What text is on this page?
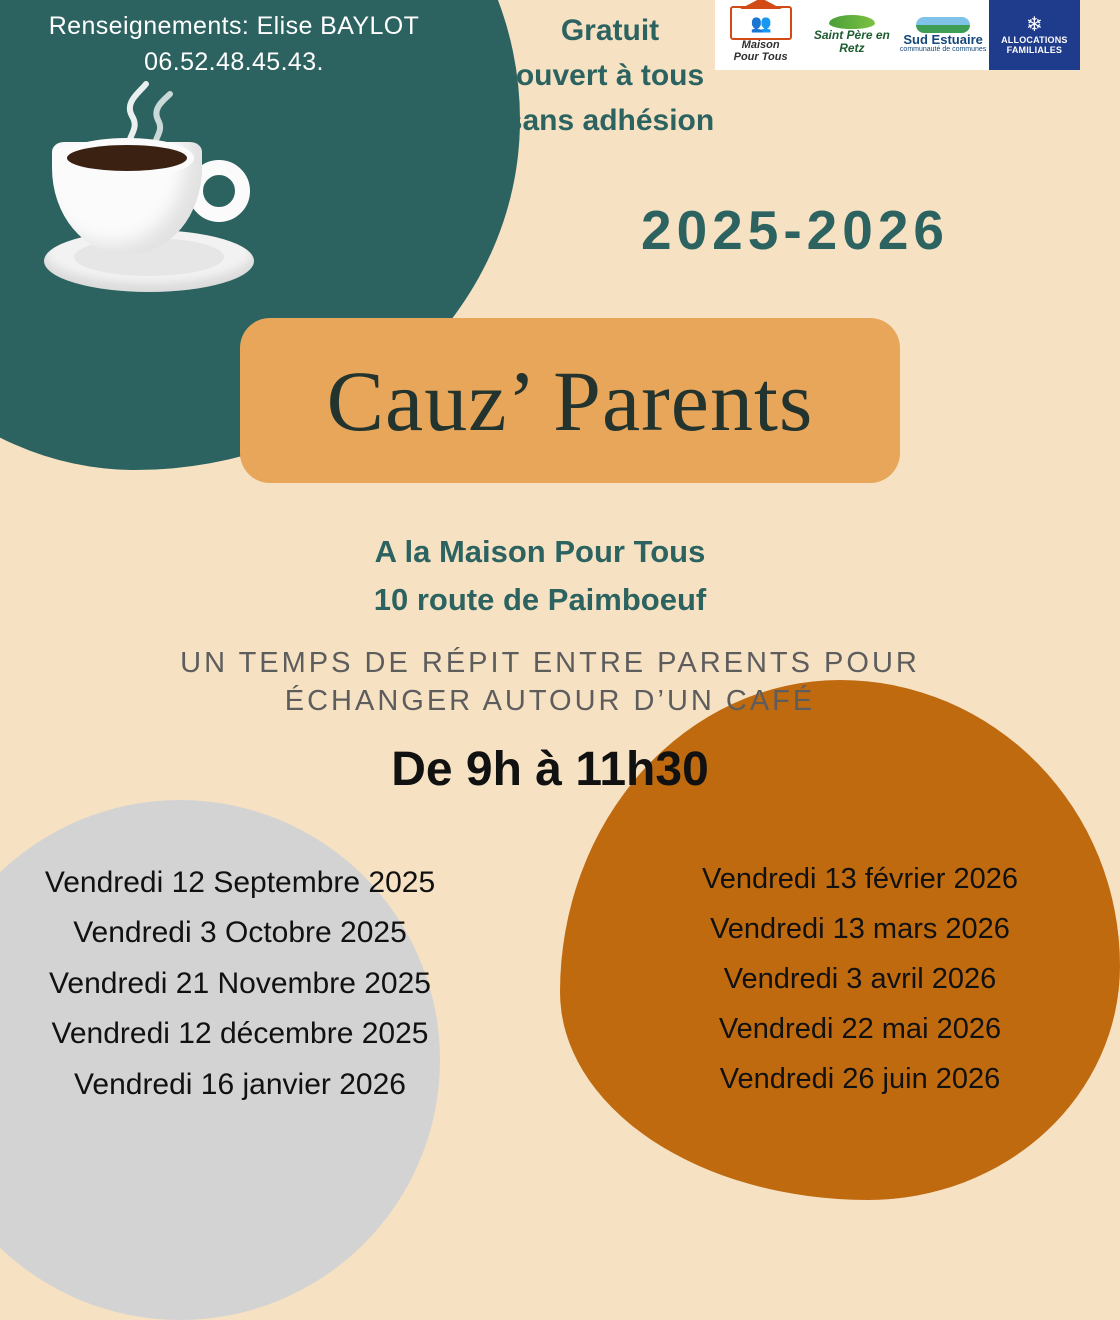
Renseignements: Elise BAYLOT
06.52.48.45.43.
Gratuit
ouvert à tous
sans adhésion
👥
Maison
Pour Tous
Saint Père en Retz
Sud Estuaire
communauté de communes
❄
ALLOCATIONS
FAMILIALES
2025-2026
Cauz’ Parents
A la Maison Pour Tous
10 route de Paimboeuf
UN TEMPS DE RÉPIT ENTRE PARENTS POUR
ÉCHANGER AUTOUR D’UN CAFÉ
De 9h à 11h30
Vendredi 12 Septembre 2025
Vendredi 3 Octobre 2025
Vendredi 21 Novembre 2025
Vendredi 12 décembre 2025
Vendredi 16 janvier 2026
Vendredi 13 février 2026
Vendredi 13 mars 2026
Vendredi 3 avril 2026
Vendredi 22 mai 2026
Vendredi 26 juin 2026
